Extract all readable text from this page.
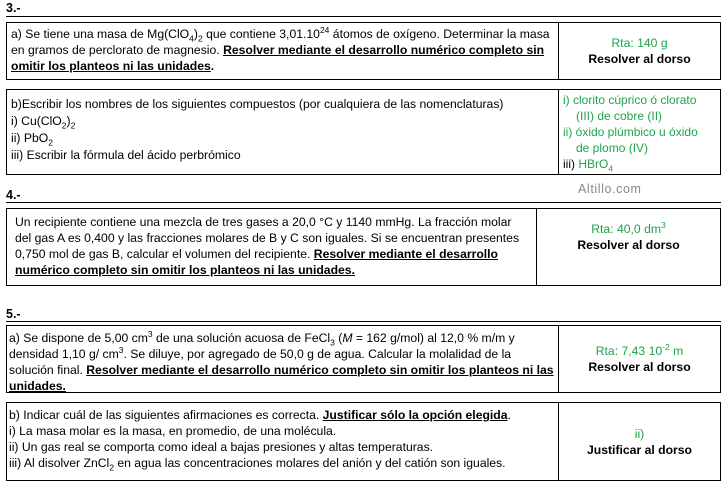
3.-
a) Se tiene una masa de $Mg(ClO_4)_2$ que contiene 3,01.10$^{24}$ átomos de oxígeno. Determinar la masa en gramos de perclorato de magnesio. Resolver mediante el desarrollo numérico completo sin omitir los planteos ni las unidades.
Rta: 140 g
Resolver al dorso
b)Escribir los nombres de los siguientes compuestos (por cualquiera de las nomenclaturas)
i) $Cu(ClO_2)_2$
ii) PbO$_2$
iii) Escribir la fórmula del ácido perbrómico
i) clorito cúprico ó clorato
(III) de cobre (II)
ii) óxido plúmbico u óxido
de plomo (IV)
iii) HBrO$_4$
Altillo.com
4.-
Un recipiente contiene una mezcla de tres gases a 20,0 °C y 1140 mmHg. La fracción molar del gas A es 0,400 y las fracciones molares de B y C son iguales. Si se encuentran presentes 0,750 mol de gas B, calcular el volumen del recipiente. Resolver mediante el desarrollo numérico completo sin omitir los planteos ni las unidades.
Rta: 40,0 $dm^3$
Resolver al dorso
5.-
a) Se dispone de 5,00 $cm^3$ de una solución acuosa de FeCl$_3$ (M = 162 g/mol) al 12,0 % m/m y densidad 1,10 g/ $cm^3$. Se diluye, por agregado de 50,0 g de agua. Calcular la molalidad de la solución final. Resolver mediante el desarrollo numérico completo sin omitir los planteos ni las unidades.
Rta: 7,43 $10^{-2}$ m
Resolver al dorso
b) Indicar cuál de las siguientes afirmaciones es correcta. Justificar sólo la opción elegida.
i) La masa molar es la masa, en promedio, de una molécula.
ii) Un gas real se comporta como ideal a bajas presiones y altas temperaturas.
iii) Al disolver ZnCl$_2$ en agua las concentraciones molares del anión y del catión son iguales.
ii)
Justificar al dorso
